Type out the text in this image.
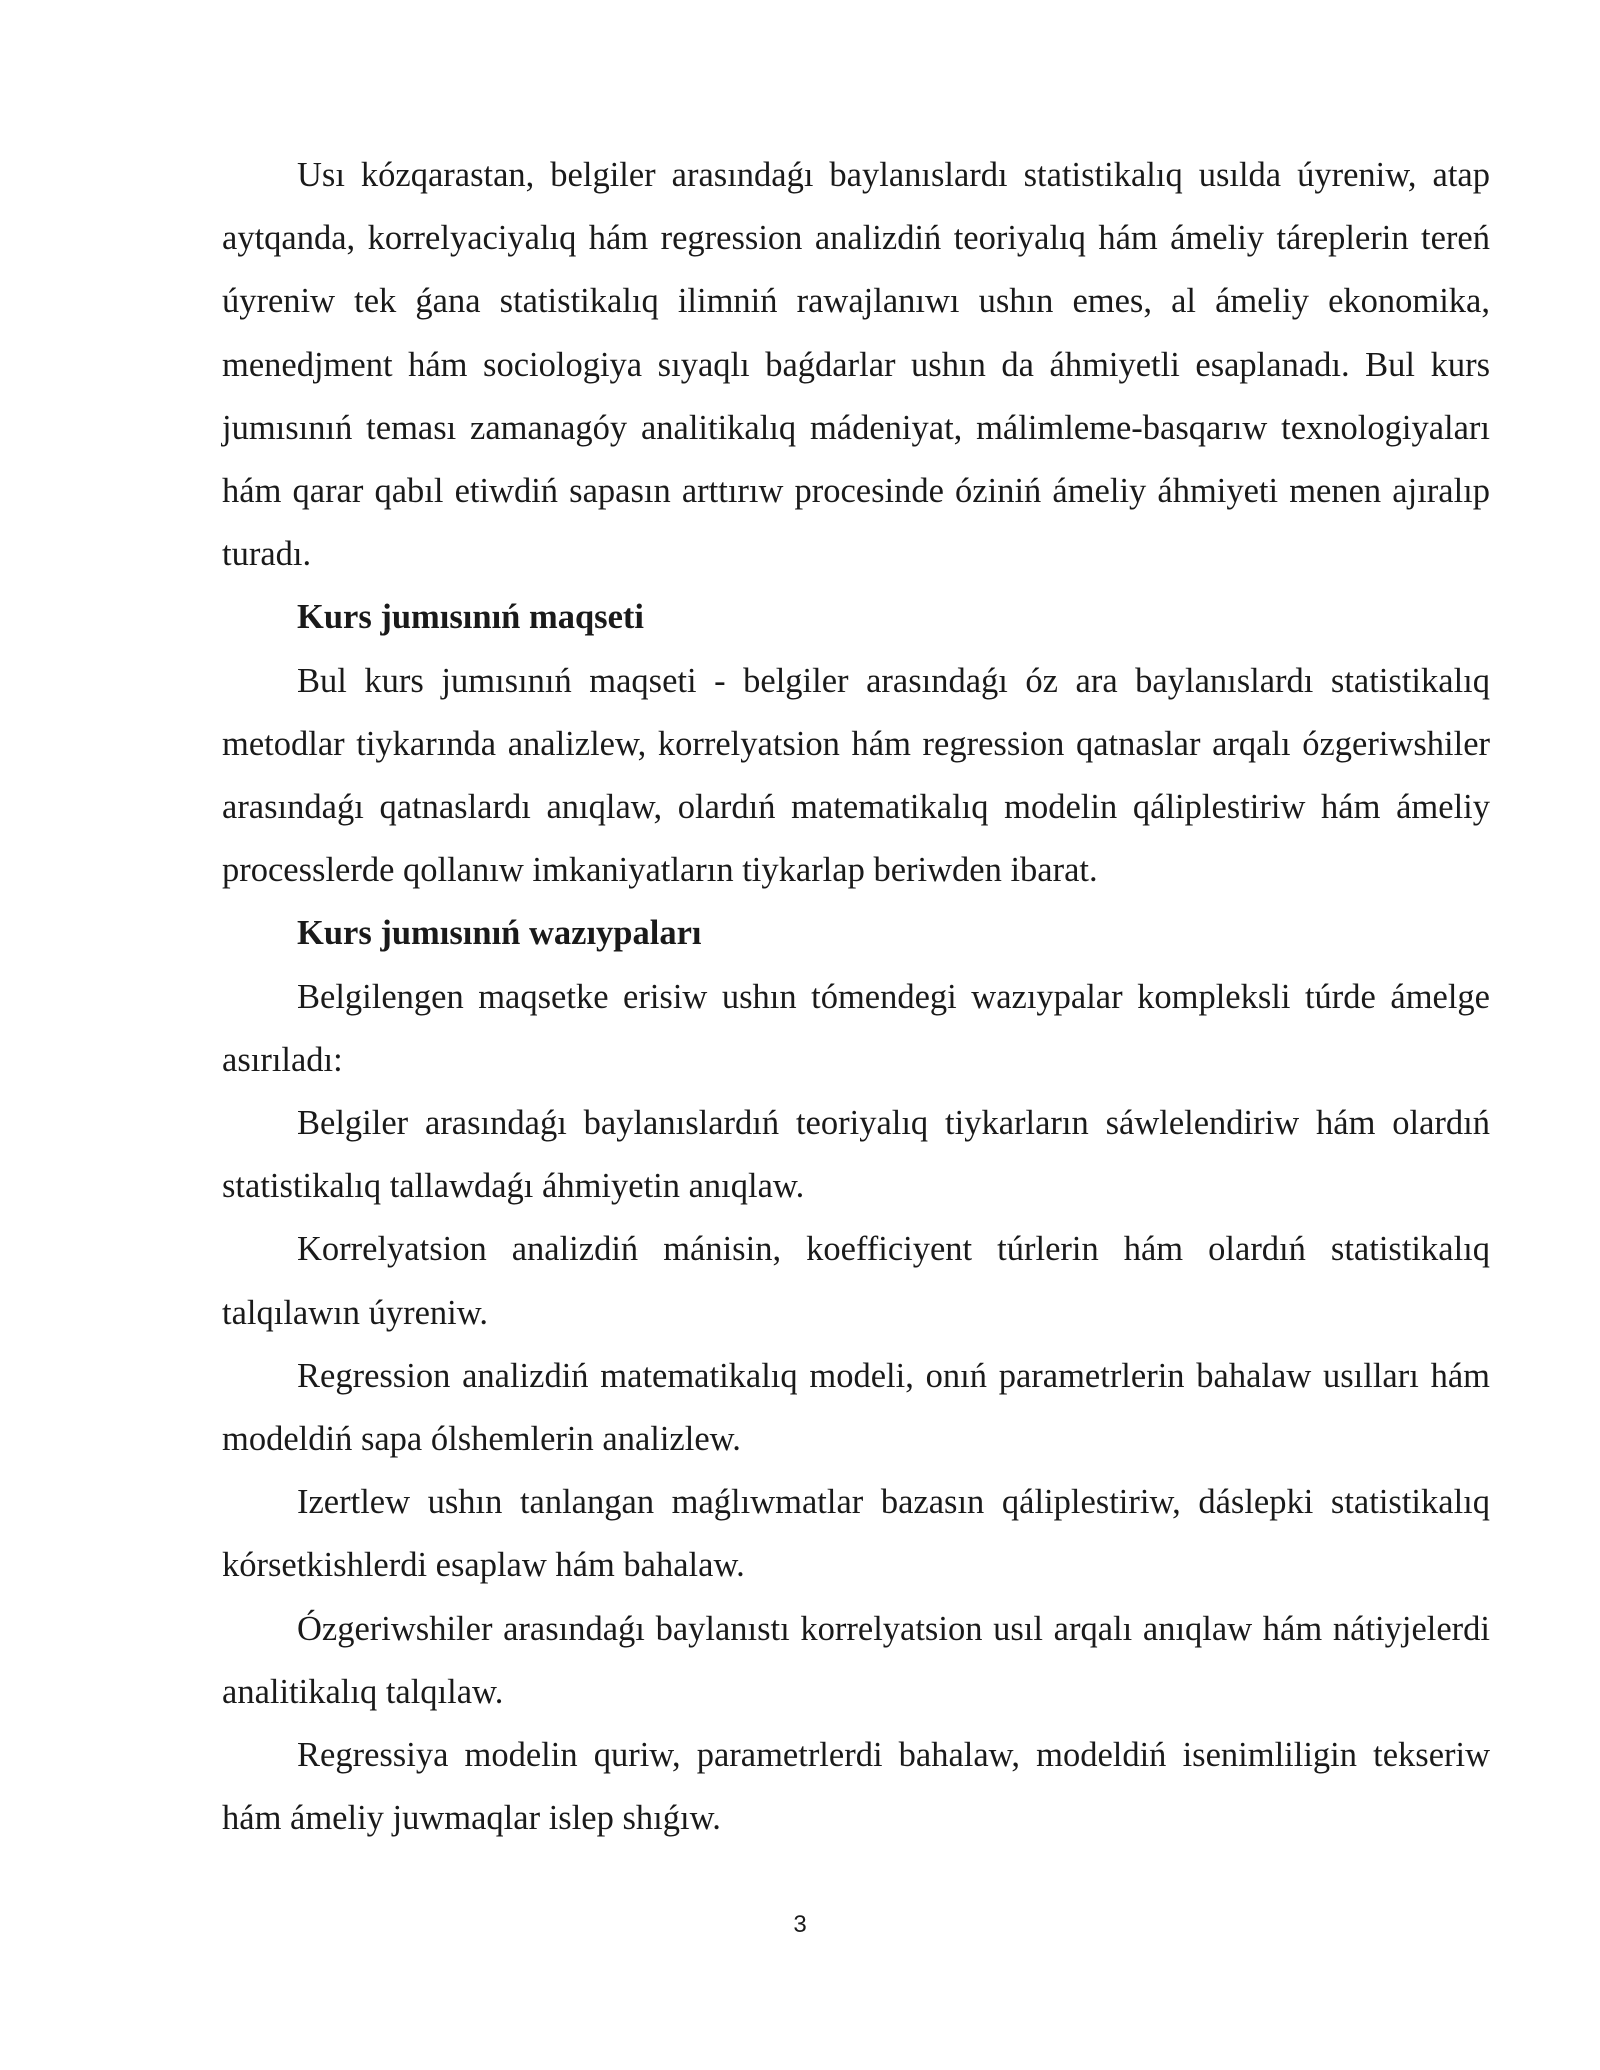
Usı kózqarastan, belgiler arasındaǵı baylanıslardı statistikalıq usılda úyreniw, atap aytqanda, korrelyaciyalıq hám regression analizdiń teoriyalıq hám ámeliy táreplerin tereń úyreniw tek ǵana statistikalıq ilimniń rawajlanıwı ushın emes, al ámeliy ekonomika, menedjment hám sociologiya sıyaqlı baǵdarlar ushın da áhmiyetli esaplanadı. Bul kurs jumısınıń teması zamanagóy analitikalıq mádeniyat, málimleme-basqarıw texnologiyaları hám qarar qabıl etiwdiń sapasın arttırıw procesinde óziniń ámeliy áhmiyeti menen ajıralıp turadı.

Kurs jumısınıń maqseti

Bul kurs jumısınıń maqseti - belgiler arasındaǵı óz ara baylanıslardı statistikalıq metodlar tiykarında analizlew, korrelyatsion hám regression qatnaslar arqalı ózgeriwshiler arasındaǵı qatnaslardı anıqlaw, olardıń matematikalıq modelin qáliplestiriw hám ámeliy processlerde qollanıw imkaniyatların tiykarlap beriwden ibarat.

Kurs jumısınıń wazıypaları

Belgilengen maqsetke erisiw ushın tómendegi wazıypalar kompleksli túrde ámelge asırıladı:

Belgiler arasındaǵı baylanıslardıń teoriyalıq tiykarların sáwlelendiriw hám olardıń statistikalıq tallawdaǵı áhmiyetin anıqlaw.

Korrelyatsion analizdiń mánisin, koefficiyent túrlerin hám olardıń statistikalıq talqılawın úyreniw.

Regression analizdiń matematikalıq modeli, onıń parametrlerin bahalaw usılları hám modeldiń sapa ólshemlerin analizlew.

Izertlew ushın tanlangan maǵlıwmatlar bazasın qáliplestiriw, dáslepki statistikalıq kórsetkishlerdi esaplaw hám bahalaw.

Ózgeriwshiler arasındaǵı baylanıstı korrelyatsion usıl arqalı anıqlaw hám nátiyjelerdi analitikalıq talqılaw.

Regressiya modelin quriw, parametrlerdi bahalaw, modeldiń isenimliligin tekseriw hám ámeliy juwmaqlar islep shıǵıw.

3
